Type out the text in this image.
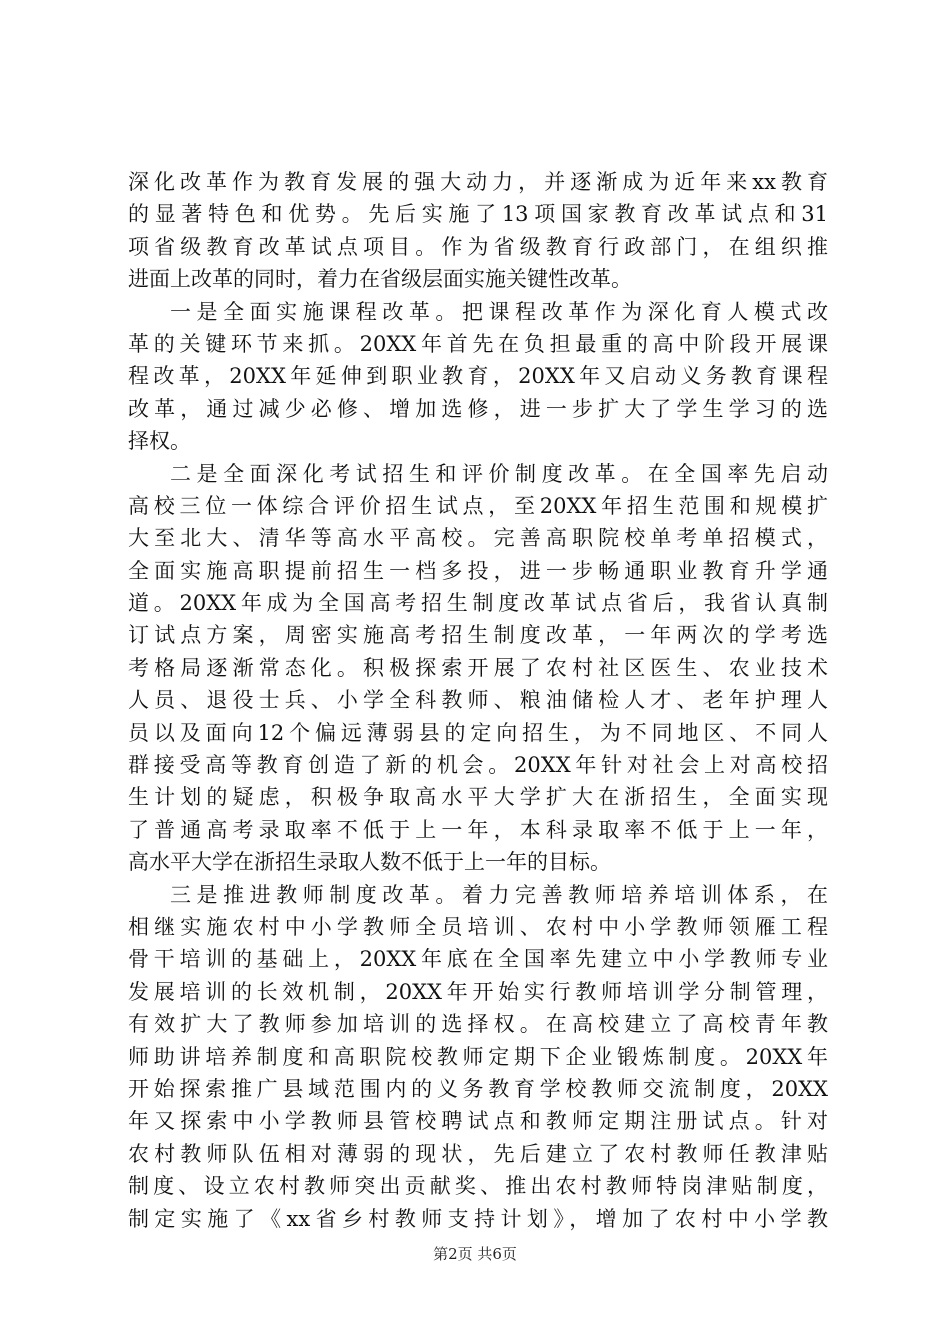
深化改革作为教育发展的强大动力，并逐渐成为近年来xx教育
的显著特色和优势。先后实施了13项国家教育改革试点和31
项省级教育改革试点项目。作为省级教育行政部门，在组织推
进面上改革的同时，着力在省级层面实施关键性改革。
一是全面实施课程改革。把课程改革作为深化育人模式改
革的关键环节来抓。20XX年首先在负担最重的高中阶段开展课
程改革，20XX年延伸到职业教育，20XX年又启动义务教育课程
改革，通过减少必修、增加选修，进一步扩大了学生学习的选
择权。
二是全面深化考试招生和评价制度改革。在全国率先启动
高校三位一体综合评价招生试点，至20XX年招生范围和规模扩
大至北大、清华等高水平高校。完善高职院校单考单招模式，
全面实施高职提前招生一档多投，进一步畅通职业教育升学通
道。20XX年成为全国高考招生制度改革试点省后，我省认真制
订试点方案，周密实施高考招生制度改革，一年两次的学考选
考格局逐渐常态化。积极探索开展了农村社区医生、农业技术
人员、退役士兵、小学全科教师、粮油储检人才、老年护理人
员以及面向12个偏远薄弱县的定向招生，为不同地区、不同人
群接受高等教育创造了新的机会。20XX年针对社会上对高校招
生计划的疑虑，积极争取高水平大学扩大在浙招生，全面实现
了普通高考录取率不低于上一年，本科录取率不低于上一年，
高水平大学在浙招生录取人数不低于上一年的目标。
三是推进教师制度改革。着力完善教师培养培训体系，在
相继实施农村中小学教师全员培训、农村中小学教师领雁工程
骨干培训的基础上，20XX年底在全国率先建立中小学教师专业
发展培训的长效机制，20XX年开始实行教师培训学分制管理，
有效扩大了教师参加培训的选择权。在高校建立了高校青年教
师助讲培养制度和高职院校教师定期下企业锻炼制度。20XX年
开始探索推广县域范围内的义务教育学校教师交流制度，20XX
年又探索中小学教师县管校聘试点和教师定期注册试点。针对
农村教师队伍相对薄弱的现状，先后建立了农村教师任教津贴
制度、设立农村教师突出贡献奖、推出农村教师特岗津贴制度，
制定实施了《xx省乡村教师支持计划》，增加了农村中小学教
第2页 共6页
